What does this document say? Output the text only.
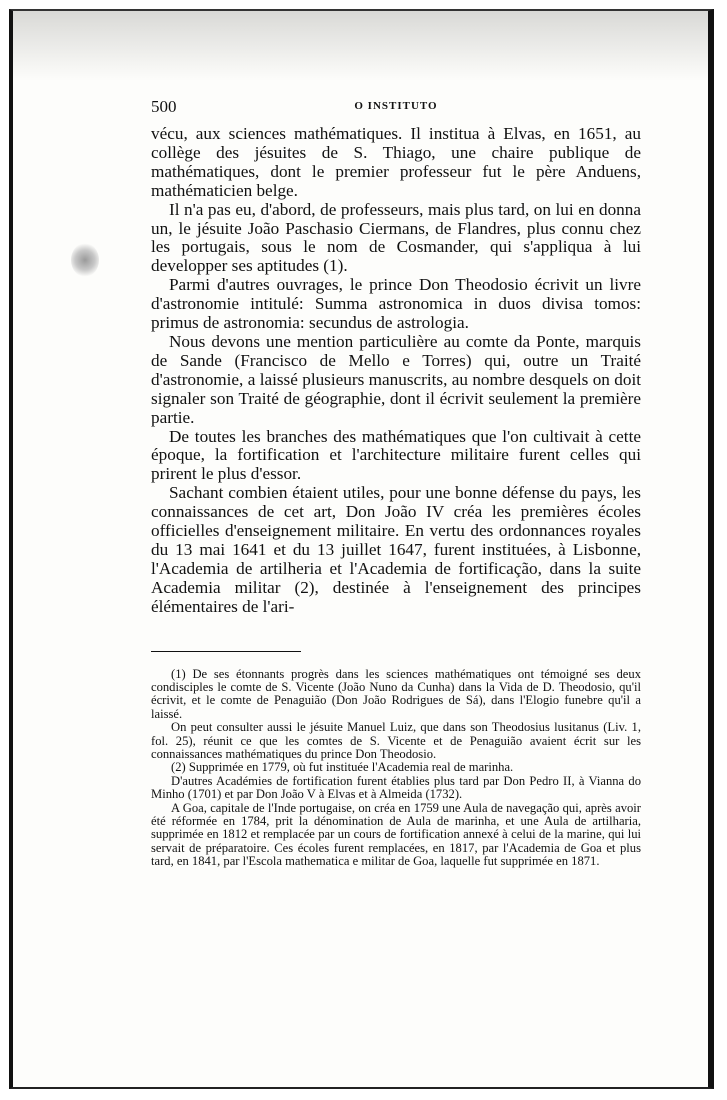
500	O INSTITUTO

vécu, aux sciences mathématiques. Il institua à Elvas, en 1651, au collège des jésuites de S. Thiago, une chaire publique de mathématiques, dont le premier professeur fut le père Anduens, mathématicien belge.

Il n'a pas eu, d'abord, de professeurs, mais plus tard, on lui en donna un, le jésuite João Paschasio Ciermans, de Flandres, plus connu chez les portugais, sous le nom de Cosmander, qui s'appliqua à lui developper ses aptitudes (1).

Parmi d'autres ouvrages, le prince Don Theodosio écrivit un livre d'astronomie intitulé: Summa astronomica in duos divisa tomos: primus de astronomia: secundus de astrologia.

Nous devons une mention particulière au comte da Ponte, marquis de Sande (Francisco de Mello e Torres) qui, outre un Traité d'astronomie, a laissé plusieurs manuscrits, au nombre desquels on doit signaler son Traité de géographie, dont il écrivit seulement la première partie.

De toutes les branches des mathématiques que l'on cultivait à cette époque, la fortification et l'architecture militaire furent celles qui prirent le plus d'essor.

Sachant combien étaient utiles, pour une bonne défense du pays, les connaissances de cet art, Don João IV créa les premières écoles officielles d'enseignement militaire. En vertu des ordonnances royales du 13 mai 1641 et du 13 juillet 1647, furent instituées, à Lisbonne, l'Academia de artilheria et l'Academia de fortificação, dans la suite Academia militar (2), destinée à l'enseignement des principes élémentaires de l'ari-

(1) De ses étonnants progrès dans les sciences mathématiques ont témoigné ses deux condisciples le comte de S. Vicente (João Nuno da Cunha) dans la Vida de D. Theodosio, qu'il écrivit, et le comte de Penaguião (Don João Rodrigues de Sá), dans l'Elogio funebre qu'il a laissé.

On peut consulter aussi le jésuite Manuel Luiz, que dans son Theodosius lusitanus (Liv. 1, fol. 25), réunit ce que les comtes de S. Vicente et de Penaguião avaient écrit sur les connaissances mathématiques du prince Don Theodosio.

(2) Supprimée en 1779, où fut instituée l'Academia real de marinha.

D'autres Académies de fortification furent établies plus tard par Don Pedro II, à Vianna do Minho (1701) et par Don João V à Elvas et à Almeida (1732).

A Goa, capitale de l'Inde portugaise, on créa en 1759 une Aula de navegação qui, après avoir été réformée en 1784, prit la dénomination de Aula de marinha, et une Aula de artilharia, supprimée en 1812 et remplacée par un cours de fortification annexé à celui de la marine, qui lui servait de préparatoire. Ces écoles furent remplacées, en 1817, par l'Academia de Goa et plus tard, en 1841, par l'Escola mathematica e militar de Goa, laquelle fut supprimée en 1871.
